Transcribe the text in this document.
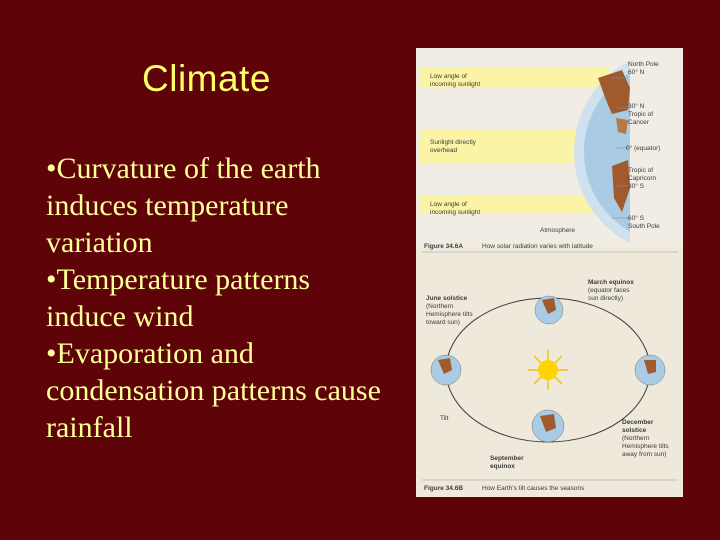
Climate
•Curvature of the earth induces temperature variation
•Temperature patterns induce wind
•Evaporation and condensation patterns cause rainfall
Low angle of
incoming sunlight
Sunlight directly
overhead
Low angle of
incoming sunlight
Atmosphere
North Pole
60° N
30° N
Tropic of
Cancer
0° (equator)
Tropic of
Capricorn
30° S
60° S
South Pole
Figure 34.6A	How solar radiation varies with latitude
March equinox
(equator faces
sun directly)
June solstice
(Northern
Hemisphere tilts
toward sun)
Tilt
December
solstice
(Northern
Hemisphere tilts
away from sun)
September
equinox
Figure 34.6B	How Earth's tilt causes the seasons
